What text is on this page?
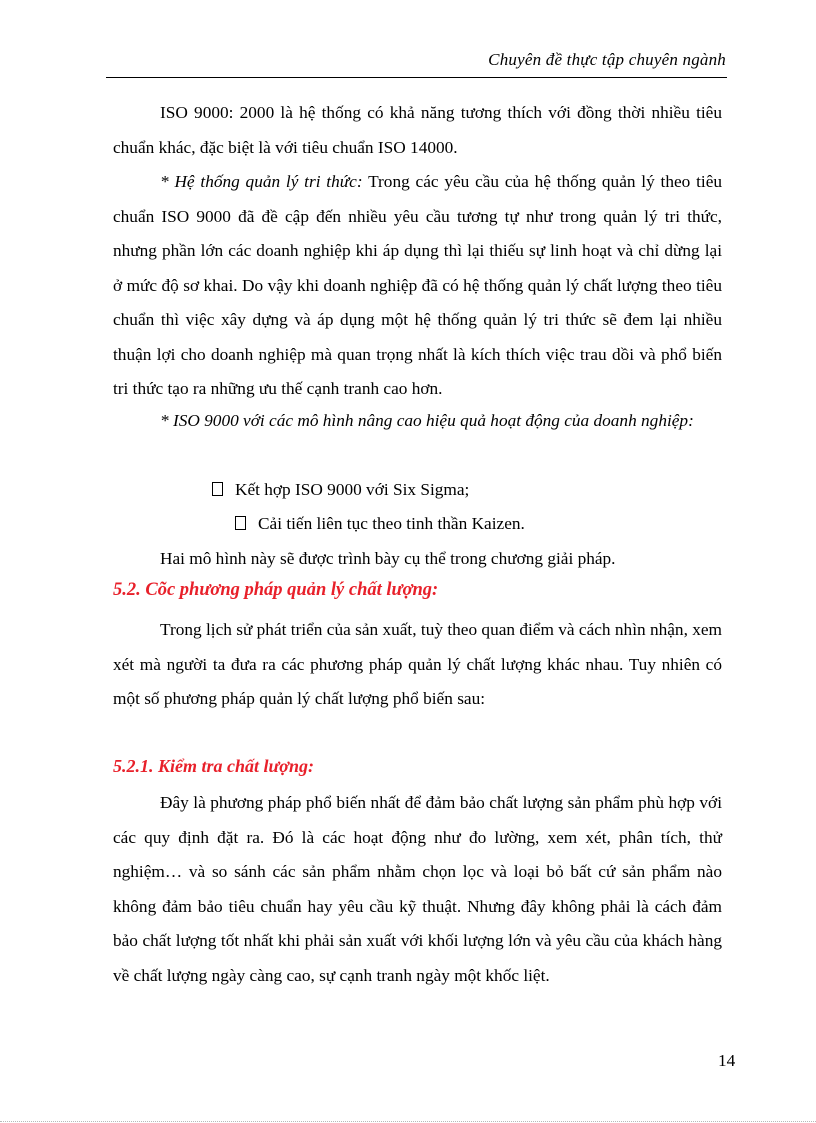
Chuyên đề thực tập chuyên ngành

ISO 9000: 2000 là hệ thống có khả năng tương thích với đồng thời nhiều tiêu chuẩn khác, đặc biệt là với tiêu chuẩn ISO 14000.

* Hệ thống quản lý tri thức: Trong các yêu cầu của hệ thống quản lý theo tiêu chuẩn ISO 9000 đã đề cập đến nhiều yêu cầu tương tự như trong quản lý tri thức, nhưng phần lớn các doanh nghiệp khi áp dụng thì lại thiếu sự linh hoạt và chỉ dừng lại ở mức độ sơ khai. Do vậy khi doanh nghiệp đã có hệ thống quản lý chất lượng theo tiêu chuẩn thì việc xây dựng và áp dụng một hệ thống quản lý tri thức sẽ đem lại nhiều thuận lợi cho doanh nghiệp mà quan trọng nhất là kích thích việc trau dồi và phổ biến tri thức tạo ra những ưu thế cạnh tranh cao hơn.

* ISO 9000 với các mô hình nâng cao hiệu quả hoạt động của doanh nghiệp:

Kết hợp ISO 9000 với Six Sigma;
Cải tiến liên tục theo tinh thần Kaizen.
Hai mô hình này sẽ được trình bày cụ thể trong chương giải pháp.
5.2. Cõc phương pháp quản lý chất lượng:

Trong lịch sử phát triển của sản xuất, tuỳ theo quan điểm và cách nhìn nhận, xem xét mà người ta đưa ra các phương pháp quản lý chất lượng khác nhau. Tuy nhiên có một số phương pháp quản lý chất lượng phổ biến sau:

5.2.1. Kiểm tra chất lượng:

Đây là phương pháp phổ biến nhất để đảm bảo chất lượng sản phẩm phù hợp với các quy định đặt ra. Đó là các hoạt động như đo lường, xem xét, phân tích, thử nghiệm… và so sánh các sản phẩm nhằm chọn lọc và loại bỏ bất cứ sản phẩm nào không đảm bảo tiêu chuẩn hay yêu cầu kỹ thuật. Nhưng đây không phải là cách đảm bảo chất lượng tốt nhất khi phải sản xuất với khối lượng lớn và yêu cầu của khách hàng về chất lượng ngày càng cao, sự cạnh tranh ngày một khốc liệt.

14
